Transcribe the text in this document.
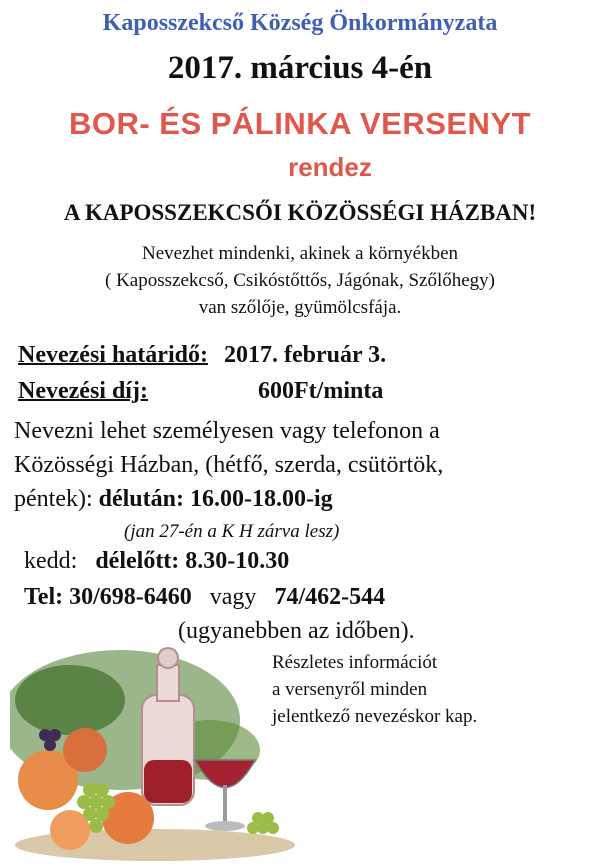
Kaposszekcső Község Önkormányzata
2017. március 4-én
BOR- ÉS PÁLINKA VERSENYT
rendez
A KAPOSSZEKCSŐI KÖZÖSSÉGI HÁZBAN!
Nevezhet mindenki, akinek a környékben
( Kaposszekcső, Csikóstőttős, Jágónak, Szőlőhegy)
van szőlője, gyümölcsfája.
Nevezési határidő: 2017. február 3.
Nevezési díj:	600Ft/minta
Nevezni lehet személyesen vagy telefonon a
Közösségi Házban, (hétfő, szerda, csütörtök,
péntek): délután: 16.00-18.00-ig
(jan 27-én a K H zárva lesz)
kedd: délelőtt: 8.30-10.30
Tel: 30/698-6460 vagy 74/462-544
(ugyanebben az időben).
Részletes információt
a versenyről minden
jelentkező nevezéskor kap.
